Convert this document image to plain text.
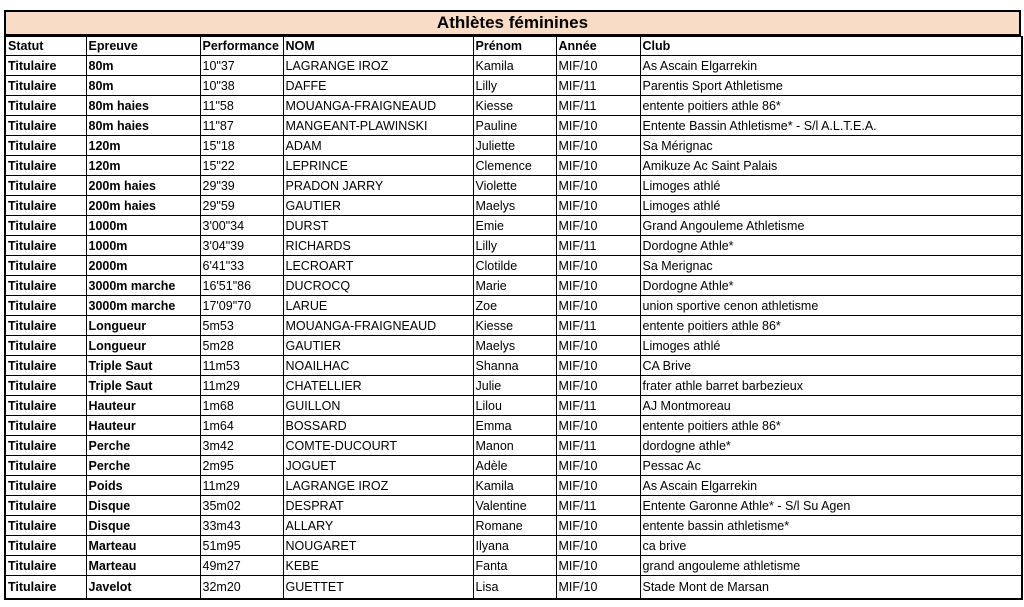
Athlètes féminines
Statut	Epreuve	Performance	NOM	Prénom	Année	Club
Titulaire	80m	10"37	LAGRANGE IROZ	Kamila	MIF/10	As Ascain Elgarrekin
Titulaire	80m	10"38	DAFFE	Lilly	MIF/11	Parentis Sport Athletisme
Titulaire	80m haies	11"58	MOUANGA-FRAIGNEAUD	Kiesse	MIF/11	entente poitiers athle 86*
Titulaire	80m haies	11"87	MANGEANT-PLAWINSKI	Pauline	MIF/10	Entente Bassin Athletisme* - S/l A.L.T.E.A.
Titulaire	120m	15"18	ADAM	Juliette	MIF/10	Sa Mérignac
Titulaire	120m	15"22	LEPRINCE	Clemence	MIF/10	Amikuze Ac Saint Palais
Titulaire	200m haies	29"39	PRADON JARRY	Violette	MIF/10	Limoges athlé
Titulaire	200m haies	29"59	GAUTIER	Maelys	MIF/10	Limoges athlé
Titulaire	1000m	3'00"34	DURST	Emie	MIF/10	Grand Angouleme Athletisme
Titulaire	1000m	3'04"39	RICHARDS	Lilly	MIF/11	Dordogne Athle*
Titulaire	2000m	6'41"33	LECROART	Clotilde	MIF/10	Sa Merignac
Titulaire	3000m marche	16'51"86	DUCROCQ	Marie	MIF/10	Dordogne Athle*
Titulaire	3000m marche	17'09"70	LARUE	Zoe	MIF/10	union sportive cenon athletisme
Titulaire	Longueur	5m53	MOUANGA-FRAIGNEAUD	Kiesse	MIF/11	entente poitiers athle 86*
Titulaire	Longueur	5m28	GAUTIER	Maelys	MIF/10	Limoges athlé
Titulaire	Triple Saut	11m53	NOAILHAC	Shanna	MIF/10	CA Brive
Titulaire	Triple Saut	11m29	CHATELLIER	Julie	MIF/10	frater athle barret barbezieux
Titulaire	Hauteur	1m68	GUILLON	Lilou	MIF/11	AJ Montmoreau
Titulaire	Hauteur	1m64	BOSSARD	Emma	MIF/10	entente poitiers athle 86*
Titulaire	Perche	3m42	COMTE-DUCOURT	Manon	MIF/11	dordogne athle*
Titulaire	Perche	2m95	JOGUET	Adèle	MIF/10	Pessac Ac
Titulaire	Poids	11m29	LAGRANGE IROZ	Kamila	MIF/10	As Ascain Elgarrekin
Titulaire	Disque	35m02	DESPRAT	Valentine	MIF/11	Entente Garonne Athle* - S/l Su Agen
Titulaire	Disque	33m43	ALLARY	Romane	MIF/10	entente bassin athletisme*
Titulaire	Marteau	51m95	NOUGARET	Ilyana	MIF/10	ca brive
Titulaire	Marteau	49m27	KEBE	Fanta	MIF/10	grand angouleme athletisme
Titulaire	Javelot	32m20	GUETTET	Lisa	MIF/10	Stade Mont de Marsan
